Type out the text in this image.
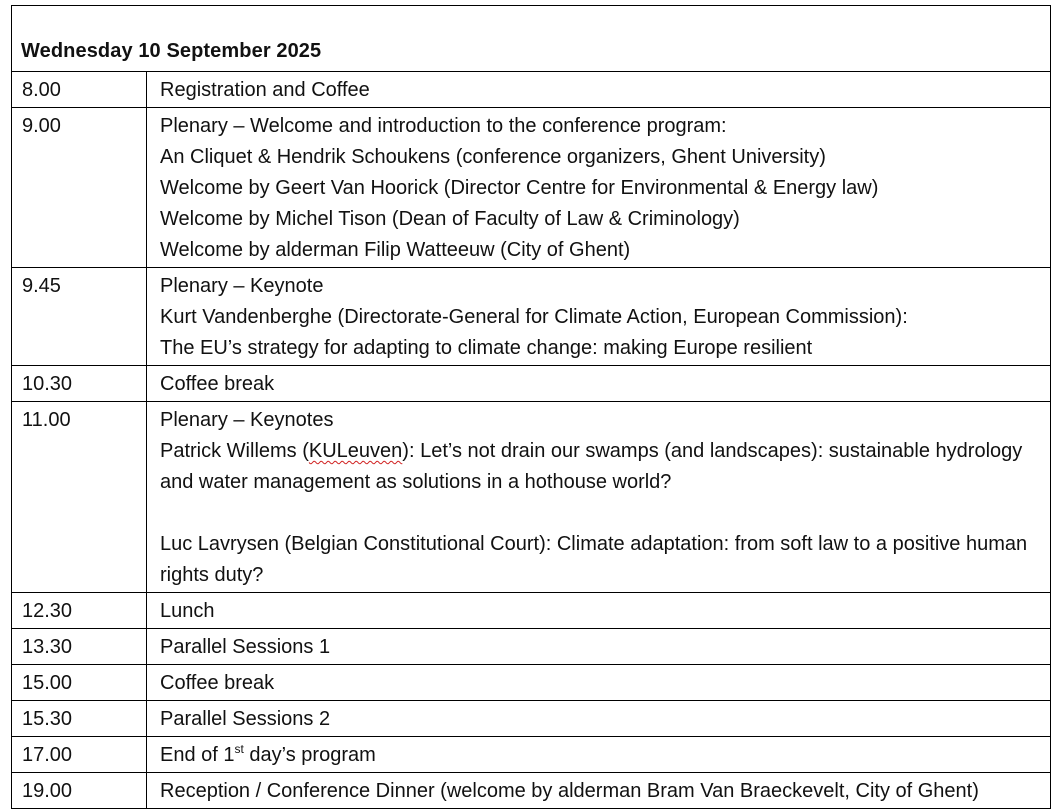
Wednesday 10 September 2025
8.00	Registration and Coffee

9.00	Plenary – Welcome and introduction to the conference program:
An Cliquet & Hendrik Schoukens (conference organizers, Ghent University)
Welcome by Geert Van Hoorick (Director Centre for Environmental & Energy law)
Welcome by Michel Tison (Dean of Faculty of Law & Criminology)
Welcome by alderman Filip Watteeuw (City of Ghent)

9.45	Plenary – Keynote
Kurt Vandenberghe (Directorate-General for Climate Action, European Commission):
The EU’s strategy for adapting to climate change: making Europe resilient

10.30	Coffee break

11.00	Plenary – Keynotes
Patrick Willems (KULeuven): Let’s not drain our swamps (and landscapes): sustainable hydrology and water management as solutions in a hothouse world?
Luc Lavrysen (Belgian Constitutional Court): Climate adaptation: from soft law to a positive human rights duty?

12.30	Lunch

13.30	Parallel Sessions 1

15.00	Coffee break

15.30	Parallel Sessions 2

17.00	End of 1st day’s program

19.00	Reception / Conference Dinner (welcome by alderman Bram Van Braeckevelt, City of Ghent)
